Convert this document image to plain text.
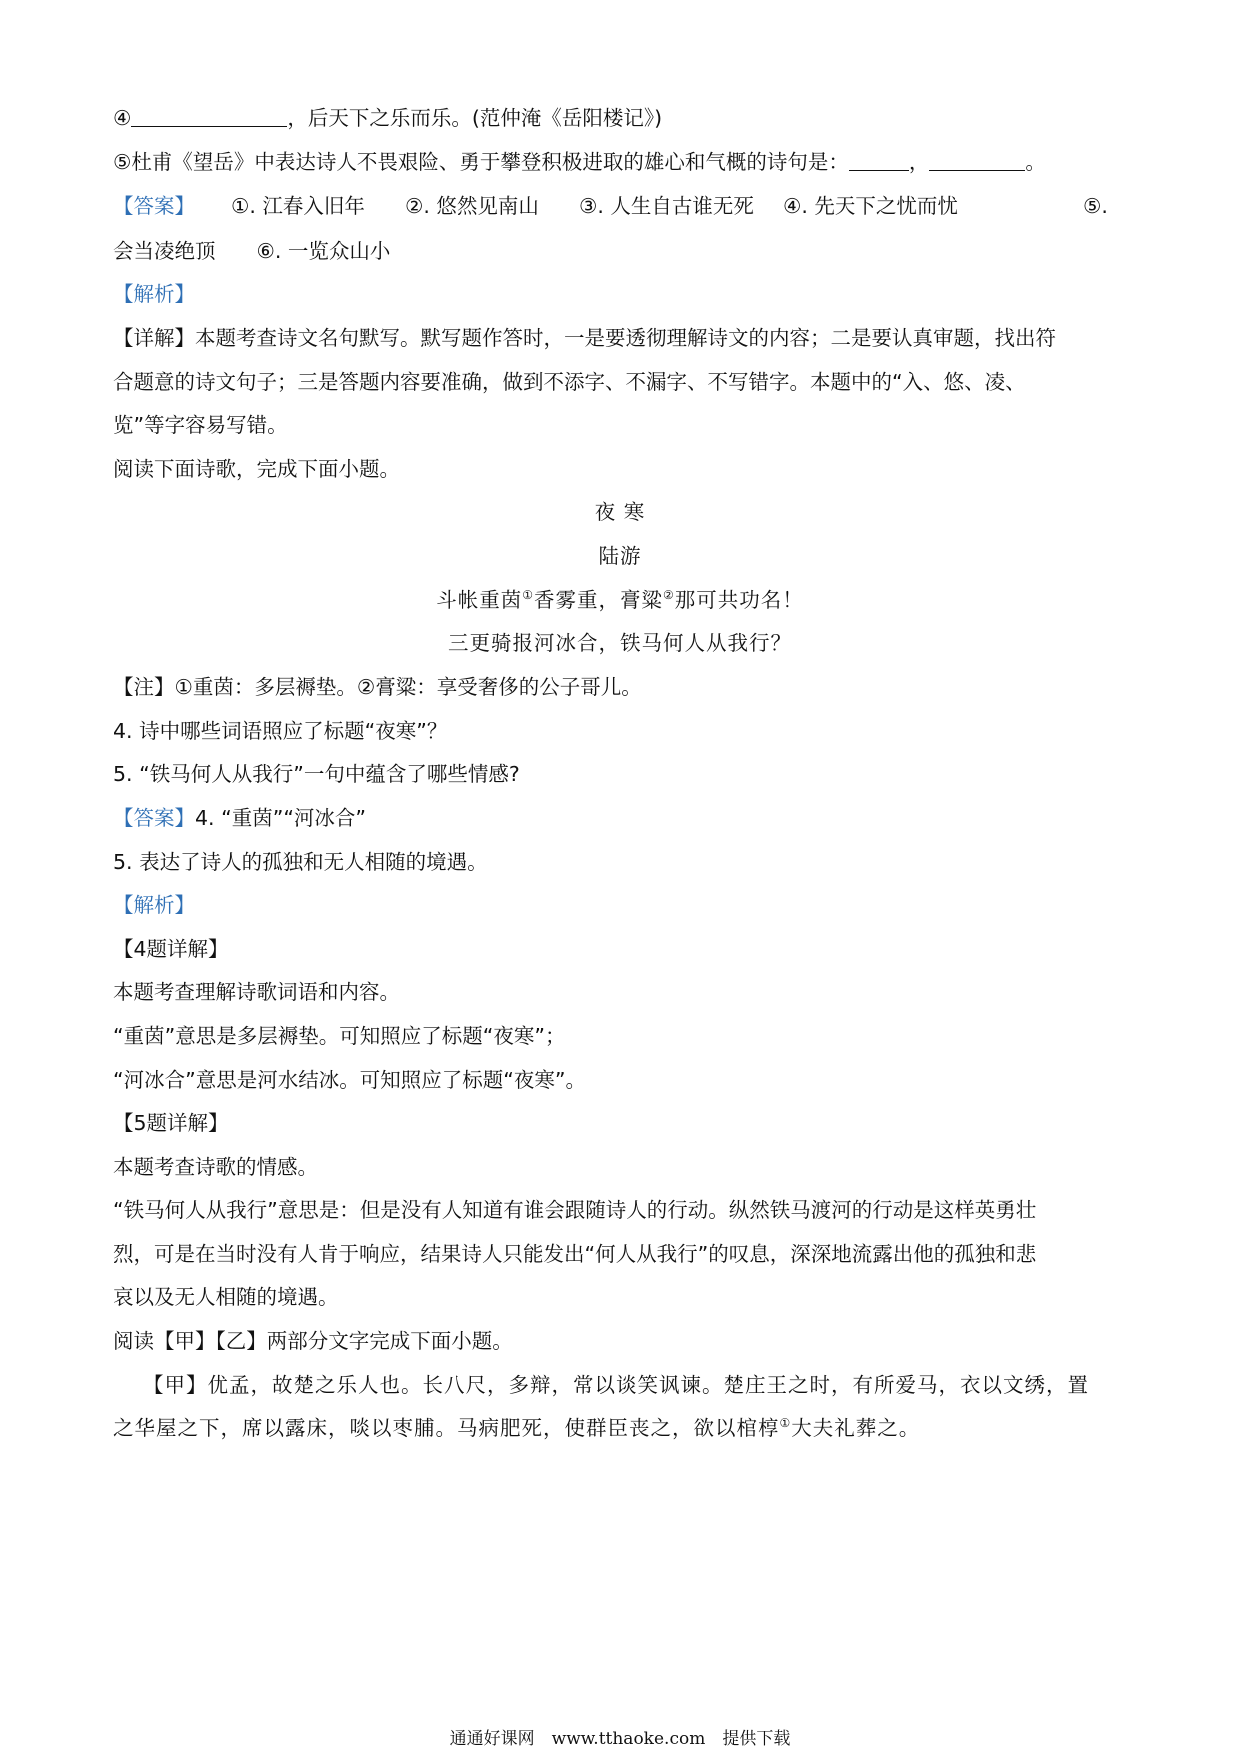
④	，后天下之乐而乐。(范仲淹《岳阳楼记》)
⑤杜甫《望岳》中表达诗人不畏艰险、勇于攀登积极进取的雄心和气概的诗句是：	，	。
【答案】 ①. 江春入旧年 ②. 悠然见南山 ③. 人生自古谁无死 ④. 先天下之忧而忧	⑤.
会当凌绝顶　　⑥. 一览众山小
【解析】
【详解】本题考查诗文名句默写。默写题作答时，一是要透彻理解诗文的内容；二是要认真审题，找出符
合题意的诗文句子；三是答题内容要准确，做到不添字、不漏字、不写错字。本题中的“入、悠、凌、
览”等字容易写错。
阅读下面诗歌，完成下面小题。
夜 寒
陆游
斗帐重茵①香雾重，膏粱②那可共功名！
三更骑报河冰合，铁马何人从我行？
【注】①重茵：多层褥垫。②膏粱：享受奢侈的公子哥儿。
4. 诗中哪些词语照应了标题“夜寒”？
5. “铁马何人从我行”一句中蕴含了哪些情感?
【答案】4. “重茵”“河冰合”
5. 表达了诗人的孤独和无人相随的境遇。
【解析】
【4题详解】
本题考查理解诗歌词语和内容。
“重茵”意思是多层褥垫。可知照应了标题“夜寒”；
“河冰合”意思是河水结冰。可知照应了标题“夜寒”。
【5题详解】
本题考查诗歌的情感。
“铁马何人从我行”意思是：但是没有人知道有谁会跟随诗人的行动。纵然铁马渡河的行动是这样英勇壮
烈，可是在当时没有人肯于响应，结果诗人只能发出“何人从我行”的叹息，深深地流露出他的孤独和悲
哀以及无人相随的境遇。
阅读【甲】【乙】两部分文字完成下面小题。
【甲】优孟，故楚之乐人也。长八尺，多辩，常以谈笑讽谏。楚庄王之时，有所爱马，衣以文绣，置
之华屋之下，席以露床，啖以枣脯。马病肥死，使群臣丧之，欲以棺椁①大夫礼葬之。
通通好课网　www.tthaoke.com　提供下载
